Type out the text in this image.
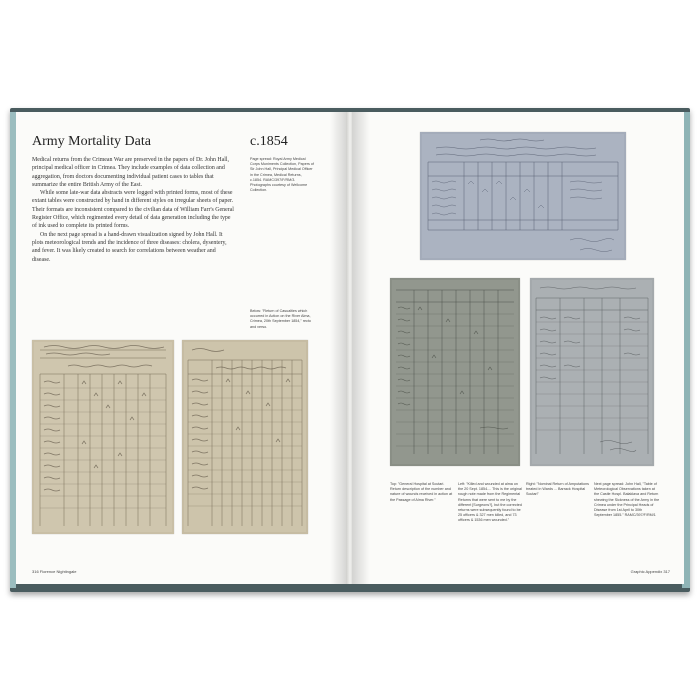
Army Mortality Data	c.1854

Medical returns from the Crimean War are preserved in the papers of Dr. John Hall, principal medical officer in Crimea. They include examples of data collection and aggregation, from doctors documenting individual patient cases to tables that summarize the entire British Army of the East.

While some late-war data abstracts were logged with printed forms, most of these extant tables were constructed by hand in different styles on irregular sheets of paper. Their formats are inconsistent compared to the civilian data of William Farr's General Register Office, which regimented every detail of data generation including the type of ink used to complete its printed forms.

On the next page spread is a hand-drawn visualization signed by John Hall. It plots meteorological trends and the incidence of three diseases: cholera, dysentery, and fever. It was likely created to search for correlations between weather and disease.

Page spread: Royal Army Medical Corps Muniments Collection, Papers of Sir John Hall, Principal Medical Officer in the Crimea, Medical Returns, c.1854. RAMC/397/F/RM/3. Photographs courtesy of Wellcome Collection.
Below: "Return of Casualties which occurred in Action on the River Alma, Crimea, 20th September 1854," recto and verso.
316 Florence Nightingale
Top: "General Hospital at Scutari. Return description of the number and nature of wounds received in action at the Passage of Alma River."
Left: "Killed and wounded at alma on the 20 Sept. 1854.... This is the original rough note made from the Regimental Returns that were sent to me by the different [Surgeons?], but the corrected returns were subsequently found to be 25 officers & 327 men killed, and 73 officers & 1536 men wounded."
Right: "Nominal Return of Amputations treated in Wards ... Barrack Hospital Scutari"
Next page spread: John Hall, "Table of Meteorological Observations taken at the Castle Hospl. Balaklava and Return shewing the Sickness of the Army in the Crimea under the Principal Heads of Disease from 1st April to 30th September 1855." RAMC/397/F/RM/1
Graphic Appendix 317
